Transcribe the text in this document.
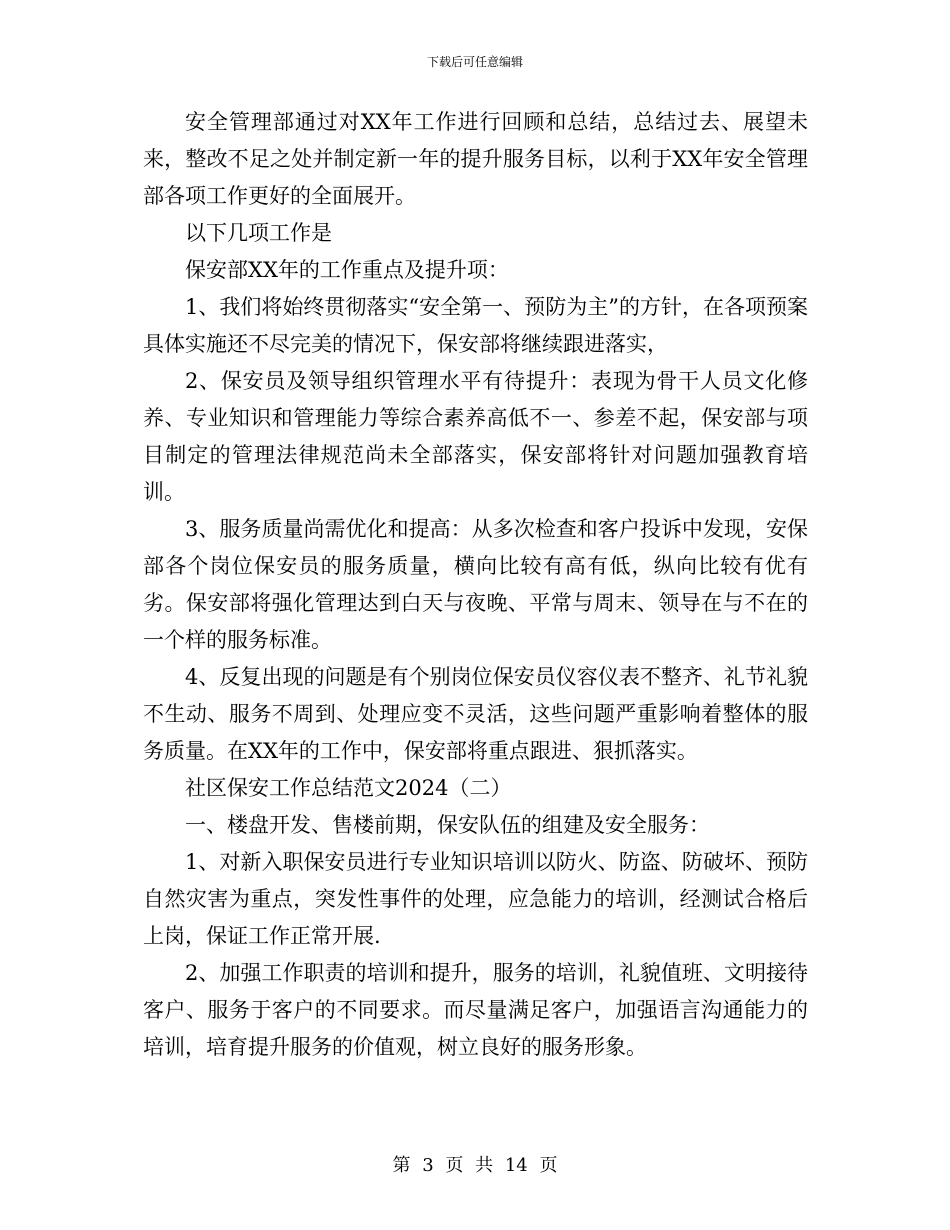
下载后可任意编辑

安全管理部通过对XX年工作进行回顾和总结，总结过去、展望未来，整改不足之处并制定新一年的提升服务目标，以利于XX年安全管理部各项工作更好的全面展开。

以下几项工作是

保安部XX年的工作重点及提升项：

1、我们将始终贯彻落实“安全第一、预防为主”的方针，在各项预案具体实施还不尽完美的情况下，保安部将继续跟进落实，

2、保安员及领导组织管理水平有待提升：表现为骨干人员文化修养、专业知识和管理能力等综合素养高低不一、参差不起，保安部与项目制定的管理法律规范尚未全部落实，保安部将针对问题加强教育培训。

3、服务质量尚需优化和提高：从多次检查和客户投诉中发现，安保部各个岗位保安员的服务质量，横向比较有高有低，纵向比较有优有劣。保安部将强化管理达到白天与夜晚、平常与周末、领导在与不在的一个样的服务标准。

4、反复出现的问题是有个别岗位保安员仪容仪表不整齐、礼节礼貌不生动、服务不周到、处理应变不灵活，这些问题严重影响着整体的服务质量。在XX年的工作中，保安部将重点跟进、狠抓落实。

社区保安工作总结范文2024（二）

一、楼盘开发、售楼前期，保安队伍的组建及安全服务：

1、对新入职保安员进行专业知识培训以防火、防盗、防破坏、预防自然灾害为重点，突发性事件的处理，应急能力的培训，经测试合格后上岗，保证工作正常开展.

2、加强工作职责的培训和提升，服务的培训，礼貌值班、文明接待客户、服务于客户的不同要求。而尽量满足客户，加强语言沟通能力的培训，培育提升服务的价值观，树立良好的服务形象。

第 3 页 共 14 页
